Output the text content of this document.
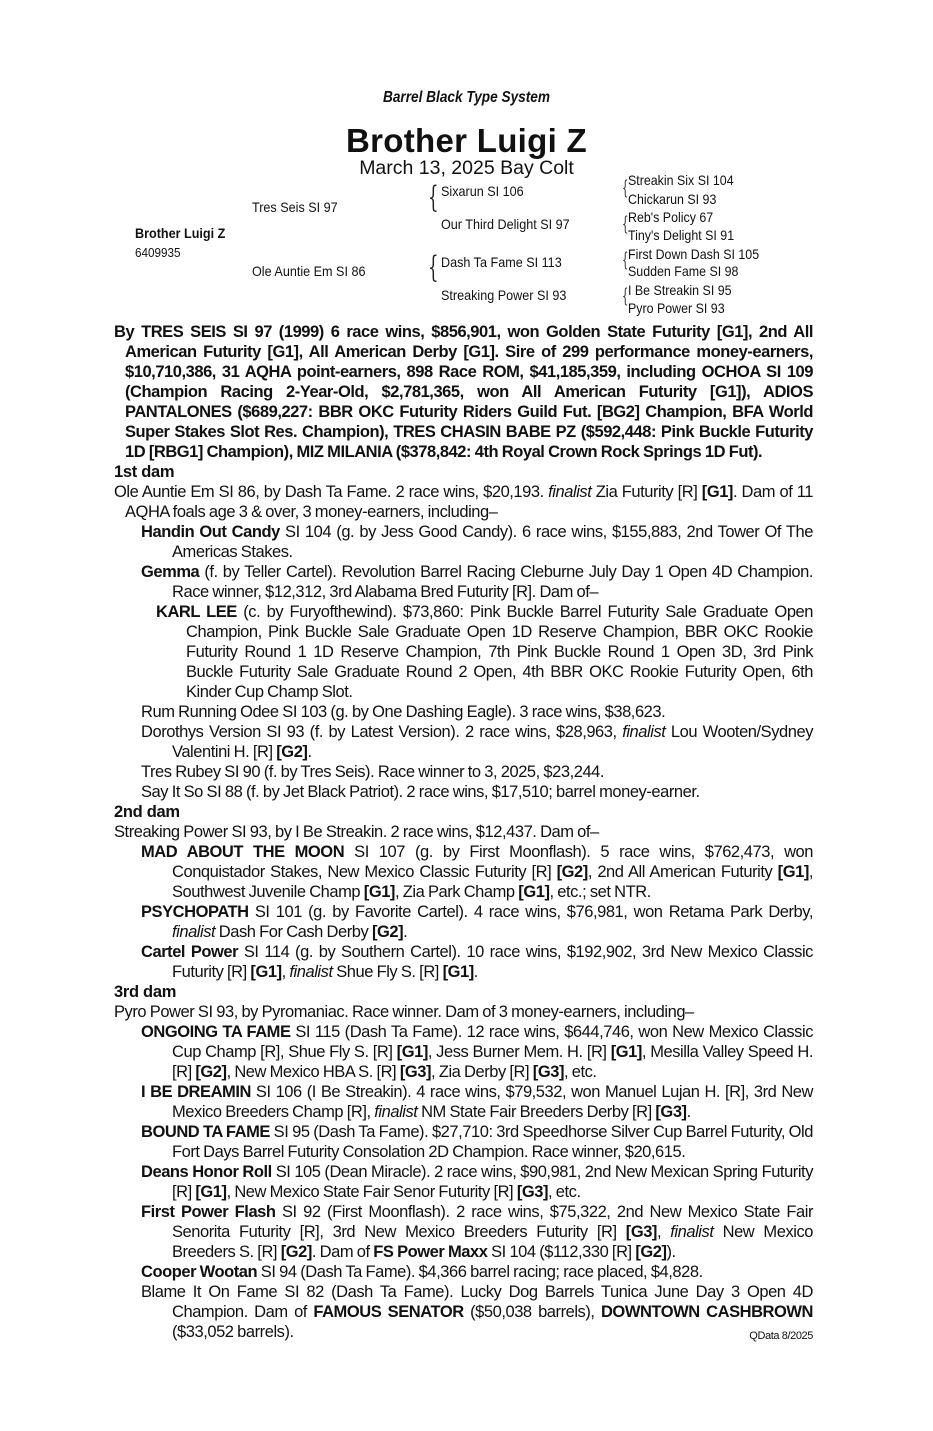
Barrel Black Type System
Brother Luigi Z
March 13, 2025 Bay Colt
Brother Luigi Z
6409935
Tres Seis SI 97
Ole Auntie Em SI 86
{ Sixarun SI 106
Our Third Delight SI 97
{ Dash Ta Fame SI 113
Streaking Power SI 93
{ Streakin Six SI 104
Chickarun SI 93
{ Reb's Policy 67
Tiny's Delight SI 91
{ First Down Dash SI 105
Sudden Fame SI 98
{ I Be Streakin SI 95
Pyro Power SI 93

By TRES SEIS SI 97 (1999) 6 race wins, $856,901, won Golden State Futurity [G1], 2nd All American Futurity [G1], All American Derby [G1]. Sire of 299 performance money-earners, $10,710,386, 31 AQHA point-earners, 898 Race ROM, $41,185,359, including OCHOA SI 109 (Champion Racing 2-Year-Old, $2,781,365, won All American Futurity [G1]), ADIOS PANTALONES ($689,227: BBR OKC Futurity Riders Guild Fut. [BG2] Champion, BFA World Super Stakes Slot Res. Champion), TRES CHASIN BABE PZ ($592,448: Pink Buckle Futurity 1D [RBG1] Champion), MIZ MILANIA ($378,842: 4th Royal Crown Rock Springs 1D Fut).

1st dam

Ole Auntie Em SI 86, by Dash Ta Fame. 2 race wins, $20,193. finalist Zia Futurity [R] [G1]. Dam of 11 AQHA foals age 3 & over, 3 money-earners, including–

Handin Out Candy SI 104 (g. by Jess Good Candy). 6 race wins, $155,883, 2nd Tower Of The Americas Stakes.

Gemma (f. by Teller Cartel). Revolution Barrel Racing Cleburne July Day 1 Open 4D Champion. Race winner, $12,312, 3rd Alabama Bred Futurity [R]. Dam of–

KARL LEE (c. by Furyofthewind). $73,860: Pink Buckle Barrel Futurity Sale Graduate Open Champion, Pink Buckle Sale Graduate Open 1D Reserve Champion, BBR OKC Rookie Futurity Round 1 1D Reserve Champion, 7th Pink Buckle Round 1 Open 3D, 3rd Pink Buckle Futurity Sale Graduate Round 2 Open, 4th BBR OKC Rookie Futurity Open, 6th Kinder Cup Champ Slot.

Rum Running Odee SI 103 (g. by One Dashing Eagle). 3 race wins, $38,623.

Dorothys Version SI 93 (f. by Latest Version). 2 race wins, $28,963, finalist Lou Wooten/Sydney Valentini H. [R] [G2].

Tres Rubey SI 90 (f. by Tres Seis). Race winner to 3, 2025, $23,244.

Say It So SI 88 (f. by Jet Black Patriot). 2 race wins, $17,510; barrel money-earner.

2nd dam

Streaking Power SI 93, by I Be Streakin. 2 race wins, $12,437. Dam of–

MAD ABOUT THE MOON SI 107 (g. by First Moonflash). 5 race wins, $762,473, won Conquistador Stakes, New Mexico Classic Futurity [R] [G2], 2nd All American Futurity [G1], Southwest Juvenile Champ [G1], Zia Park Champ [G1], etc.; set NTR.

PSYCHOPATH SI 101 (g. by Favorite Cartel). 4 race wins, $76,981, won Retama Park Derby, finalist Dash For Cash Derby [G2].

Cartel Power SI 114 (g. by Southern Cartel). 10 race wins, $192,902, 3rd New Mexico Classic Futurity [R] [G1], finalist Shue Fly S. [R] [G1].

3rd dam

Pyro Power SI 93, by Pyromaniac. Race winner. Dam of 3 money-earners, including–

ONGOING TA FAME SI 115 (Dash Ta Fame). 12 race wins, $644,746, won New Mexico Classic Cup Champ [R], Shue Fly S. [R] [G1], Jess Burner Mem. H. [R] [G1], Mesilla Valley Speed H. [R] [G2], New Mexico HBA S. [R] [G3], Zia Derby [R] [G3], etc.

I BE DREAMIN SI 106 (I Be Streakin). 4 race wins, $79,532, won Manuel Lujan H. [R], 3rd New Mexico Breeders Champ [R], finalist NM State Fair Breeders Derby [R] [G3].

BOUND TA FAME SI 95 (Dash Ta Fame). $27,710: 3rd Speedhorse Silver Cup Barrel Futurity, Old Fort Days Barrel Futurity Consolation 2D Champion. Race winner, $20,615.

Deans Honor Roll SI 105 (Dean Miracle). 2 race wins, $90,981, 2nd New Mexican Spring Futurity [R] [G1], New Mexico State Fair Senor Futurity [R] [G3], etc.

First Power Flash SI 92 (First Moonflash). 2 race wins, $75,322, 2nd New Mexico State Fair Senorita Futurity [R], 3rd New Mexico Breeders Futurity [R] [G3], finalist New Mexico Breeders S. [R] [G2]. Dam of FS Power Maxx SI 104 ($112,330 [R] [G2]).

Cooper Wootan SI 94 (Dash Ta Fame). $4,366 barrel racing; race placed, $4,828.

Blame It On Fame SI 82 (Dash Ta Fame). Lucky Dog Barrels Tunica June Day 3 Open 4D Champion. Dam of FAMOUS SENATOR ($50,038 barrels), DOWNTOWN CASHBROWN ($33,052 barrels).	QData 8/2025
